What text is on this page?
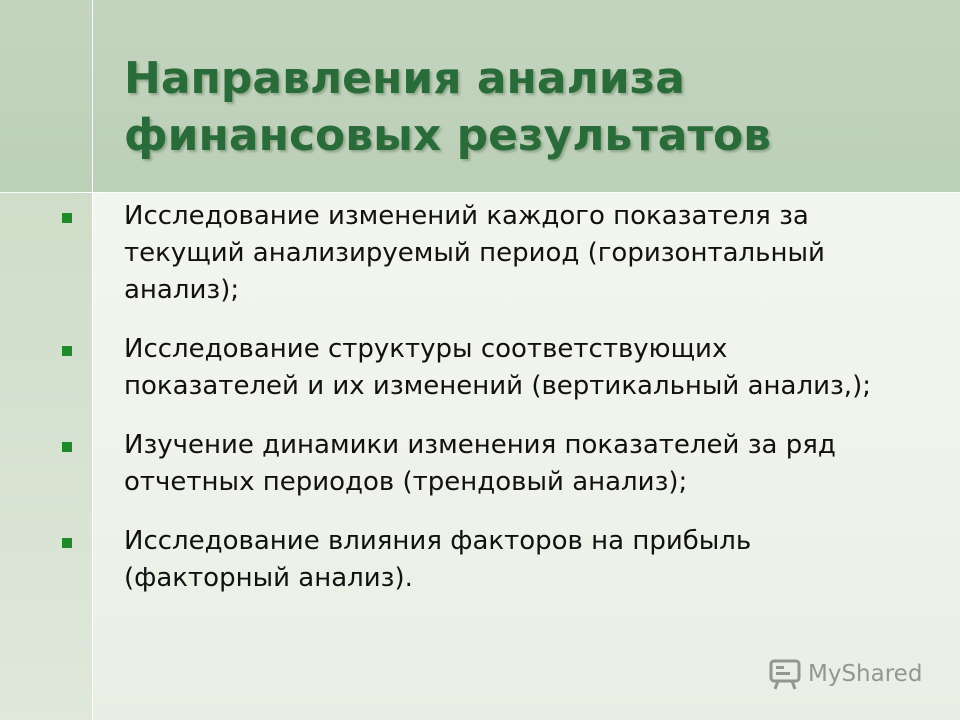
Направления анализа
финансовых результатов
Исследование изменений каждого показателя за
текущий анализируемый период (горизонтальный
анализ);
Исследование структуры соответствующих
показателей и их изменений (вертикальный анализ,);
Изучение динамики изменения показателей за ряд
отчетных периодов (трендовый анализ);
Исследование влияния факторов на прибыль
(факторный анализ).
MyShared
